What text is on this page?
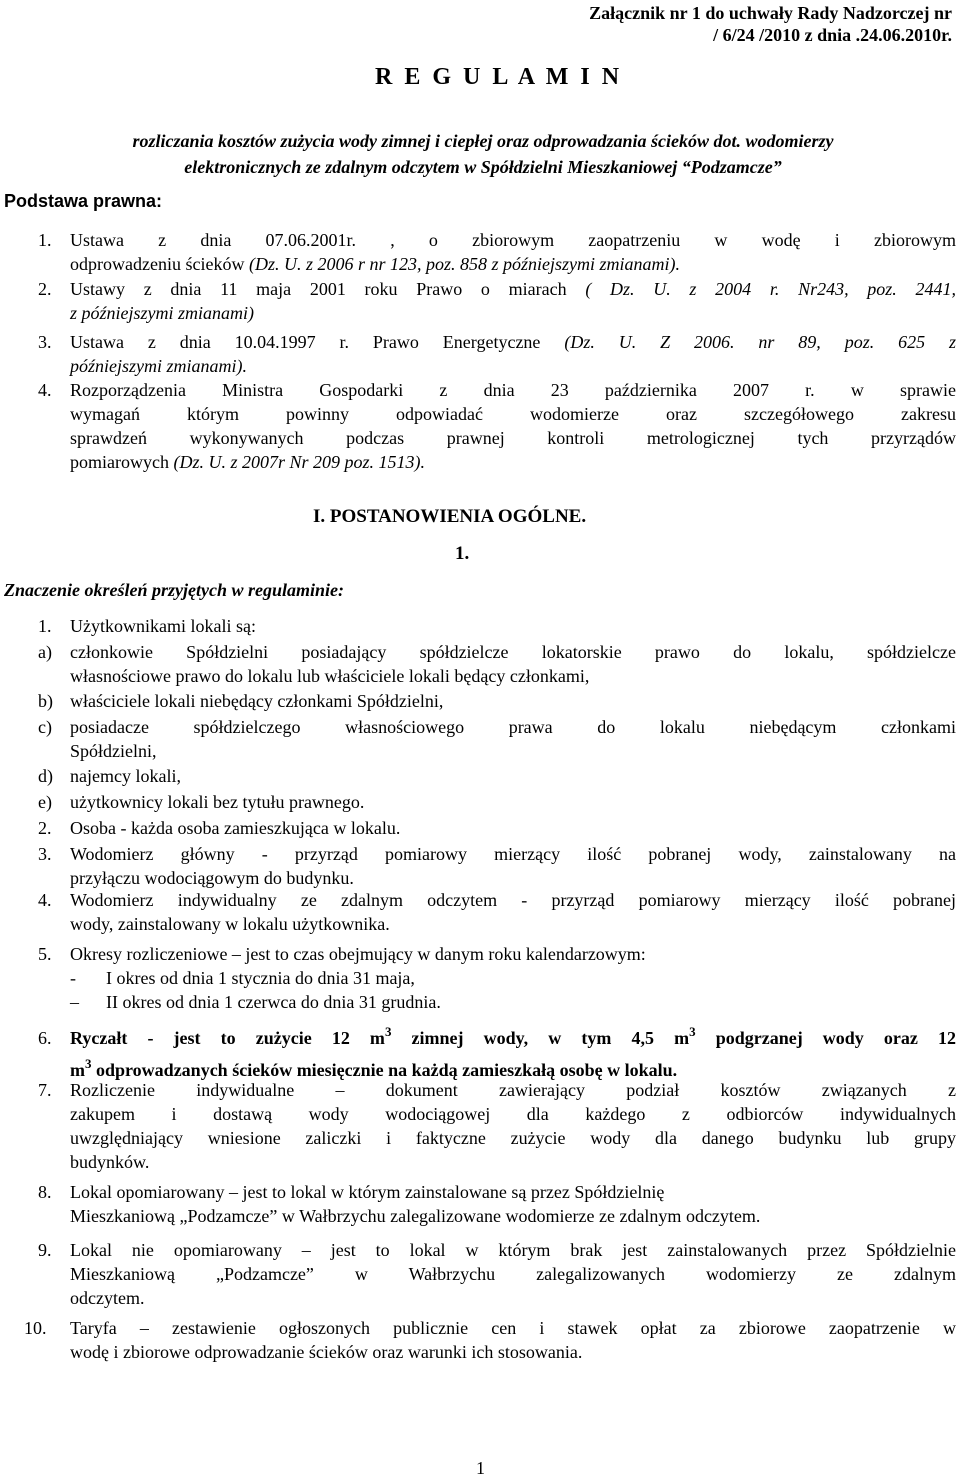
Załącznik nr 1 do uchwały Rady Nadzorczej nr
/ 6/24 /2010 z dnia .24.06.2010r.
R E G U L A M I N
rozliczania kosztów zużycia wody zimnej i ciepłej oraz odprowadzania ścieków dot. wodomierzy
elektronicznych ze zdalnym odczytem w Spółdzielni Mieszkaniowej “Podzamcze”
Podstawa prawna:
1.	Ustawa z dnia 07.06.2001r. , o zbiorowym zaopatrzeniu w wodę i zbiorowym
odprowadzeniu ścieków (Dz. U. z 2006 r nr 123, poz. 858 z późniejszymi zmianami).
2.	Ustawy z dnia 11 maja 2001 roku Prawo o miarach ( Dz. U. z 2004 r. Nr243, poz. 2441,
z późniejszymi zmianami)
3.	Ustawa z dnia 10.04.1997 r. Prawo Energetyczne (Dz. U. Z 2006. nr 89, poz. 625 z
późniejszymi zmianami).
4.	Rozporządzenia Ministra Gospodarki z dnia 23 października 2007 r. w sprawie
wymagań którym powinny odpowiadać wodomierze oraz szczegółowego zakresu
sprawdzeń wykonywanych podczas prawnej kontroli metrologicznej tych przyrządów
pomiarowych (Dz. U. z 2007r Nr 209 poz. 1513).
I. POSTANOWIENIA OGÓLNE.
1.
Znaczenie określeń przyjętych w regulaminie:
1.	Użytkownikami lokali są:
a)	członkowie Spółdzielni posiadający spółdzielcze lokatorskie prawo do lokalu, spółdzielcze
własnościowe prawo do lokalu lub właściciele lokali będący członkami,
b) właściciele lokali niebędący członkami Spółdzielni,
c)	posiadacze spółdzielczego własnościowego prawa do lokalu niebędącym członkami
Spółdzielni,
d) najemcy lokali,
e)	użytkownicy lokali bez tytułu prawnego.
2.	Osoba - każda osoba zamieszkująca w lokalu.
3.	Wodomierz główny - przyrząd pomiarowy mierzący ilość pobranej wody, zainstalowany na
przyłączu wodociągowym do budynku.
4.	Wodomierz indywidualny ze zdalnym odczytem - przyrząd pomiarowy mierzący ilość pobranej
wody, zainstalowany w lokalu użytkownika.
5.	Okresy rozliczeniowe – jest to czas obejmujący w danym roku kalendarzowym:
- I okres od dnia 1 stycznia do dnia 31 maja,
– II okres od dnia 1 czerwca do dnia 31 grudnia.
6.	Ryczałt - jest to zużycie 12 $m^3$ zimnej wody, w tym 4,5 $m^3$ podgrzanej wody oraz 12
$m^3$ odprowadzanych ścieków miesięcznie na każdą zamieszkałą osobę w lokalu.
7.	Rozliczenie indywidualne – dokument zawierający podział kosztów związanych z
zakupem i dostawą wody wodociągowej dla każdego z odbiorców indywidualnych
uwzględniający wniesione zaliczki i faktyczne zużycie wody dla danego budynku lub grupy
budynków.
8.	Lokal opomiarowany – jest to lokal w którym zainstalowane są przez Spółdzielnię
Mieszkaniową „Podzamcze” w Wałbrzychu zalegalizowane wodomierze ze zdalnym odczytem.
9.	Lokal nie opomiarowany – jest to lokal w którym brak jest zainstalowanych przez Spółdzielnie
Mieszkaniową „Podzamcze” w Wałbrzychu zalegalizowanych wodomierzy ze zdalnym
odczytem.
10.	Taryfa – zestawienie ogłoszonych publicznie cen i stawek opłat za zbiorowe zaopatrzenie w
wodę i zbiorowe odprowadzanie ścieków oraz warunki ich stosowania.
1
